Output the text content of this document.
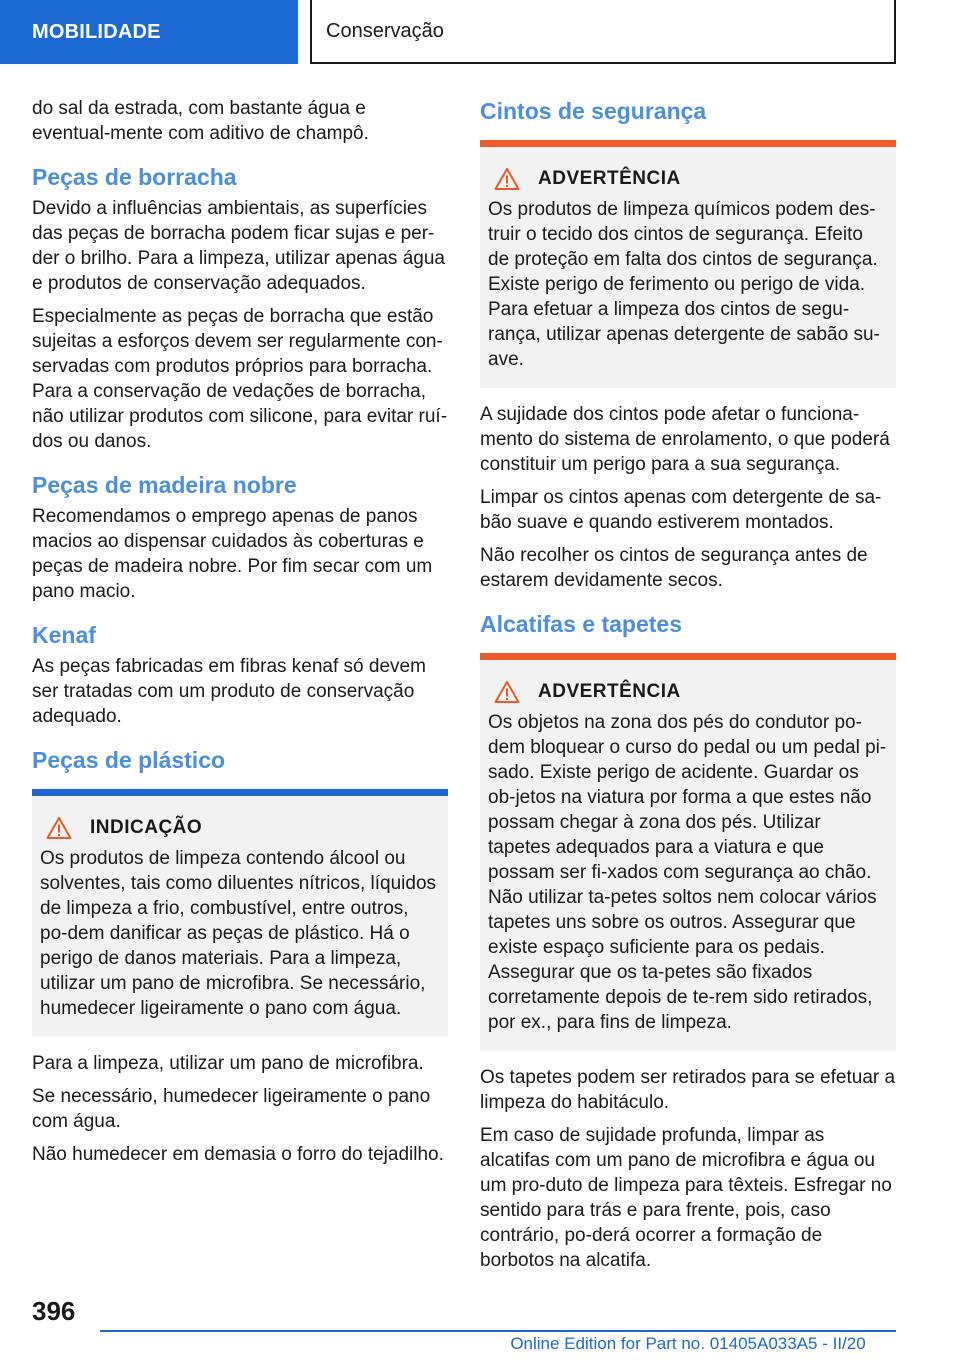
MOBILIDADE	Conservação

do sal da estrada, com bastante água e eventual-mente com aditivo de champô.

Peças de borracha

Devido a influências ambientais, as superfícies das peças de borracha podem ficar sujas e per-der o brilho. Para a limpeza, utilizar apenas água e produtos de conservação adequados.

Especialmente as peças de borracha que estão sujeitas a esforços devem ser regularmente con-servadas com produtos próprios para borracha. Para a conservação de vedações de borracha, não utilizar produtos com silicone, para evitar ruí-dos ou danos.

Peças de madeira nobre

Recomendamos o emprego apenas de panos macios ao dispensar cuidados às coberturas e peças de madeira nobre. Por fim secar com um pano macio.

Kenaf

As peças fabricadas em fibras kenaf só devem ser tratadas com um produto de conservação adequado.

Peças de plástico
INDICAÇÃO

Os produtos de limpeza contendo álcool ou solventes, tais como diluentes nítricos, líquidos de limpeza a frio, combustível, entre outros, po-dem danificar as peças de plástico. Há o perigo de danos materiais. Para a limpeza, utilizar um pano de microfibra. Se necessário, humedecer ligeiramente o pano com água.

Para a limpeza, utilizar um pano de microfibra.

Se necessário, humedecer ligeiramente o pano com água.

Não humedecer em demasia o forro do tejadilho.

Cintos de segurança
ADVERTÊNCIA

Os produtos de limpeza químicos podem des-truir o tecido dos cintos de segurança. Efeito de proteção em falta dos cintos de segurança. Existe perigo de ferimento ou perigo de vida. Para efetuar a limpeza dos cintos de segu-rança, utilizar apenas detergente de sabão su-ave.

A sujidade dos cintos pode afetar o funciona-mento do sistema de enrolamento, o que poderá constituir um perigo para a sua segurança.

Limpar os cintos apenas com detergente de sa-bão suave e quando estiverem montados.

Não recolher os cintos de segurança antes de estarem devidamente secos.

Alcatifas e tapetes
ADVERTÊNCIA

Os objetos na zona dos pés do condutor po-dem bloquear o curso do pedal ou um pedal pi-sado. Existe perigo de acidente. Guardar os ob-jetos na viatura por forma a que estes não possam chegar à zona dos pés. Utilizar tapetes adequados para a viatura e que possam ser fi-xados com segurança ao chão. Não utilizar ta-petes soltos nem colocar vários tapetes uns sobre os outros. Assegurar que existe espaço suficiente para os pedais. Assegurar que os ta-petes são fixados corretamente depois de te-rem sido retirados, por ex., para fins de limpeza.

Os tapetes podem ser retirados para se efetuar a limpeza do habitáculo.

Em caso de sujidade profunda, limpar as alcatifas com um pano de microfibra e água ou um pro-duto de limpeza para têxteis. Esfregar no sentido para trás e para frente, pois, caso contrário, po-derá ocorrer a formação de borbotos na alcatifa.

396
Online Edition for Part no. 01405A033A5 - II/20
